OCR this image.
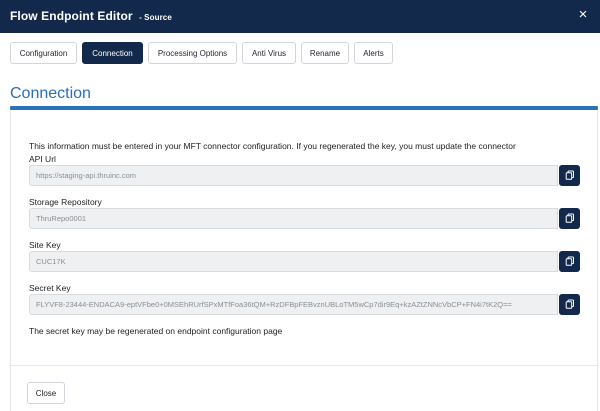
Flow Endpoint Editor - Source	×
Configuration	Connection	Processing Options	Anti Virus	Rename	Alerts
Connection
This information must be entered in your MFT connector configuration. If you regenerated the key, you must update the connector
API Url
https://staging-api.thruinc.com
Storage Repository
ThruRepo0001
Site Key
CUC17K
Secret Key
FLYVF8-23444-ENDACA9-eptVFbe0+0MSEhRUrfSPxMTfFoa36tQM+RzDFBpFEBvznUBLoTM5wCp7dir9Eq+kzAZtZNNcVbCP+FN4i7tK2Q==
The secret key may be regenerated on endpoint configuration page
Close
